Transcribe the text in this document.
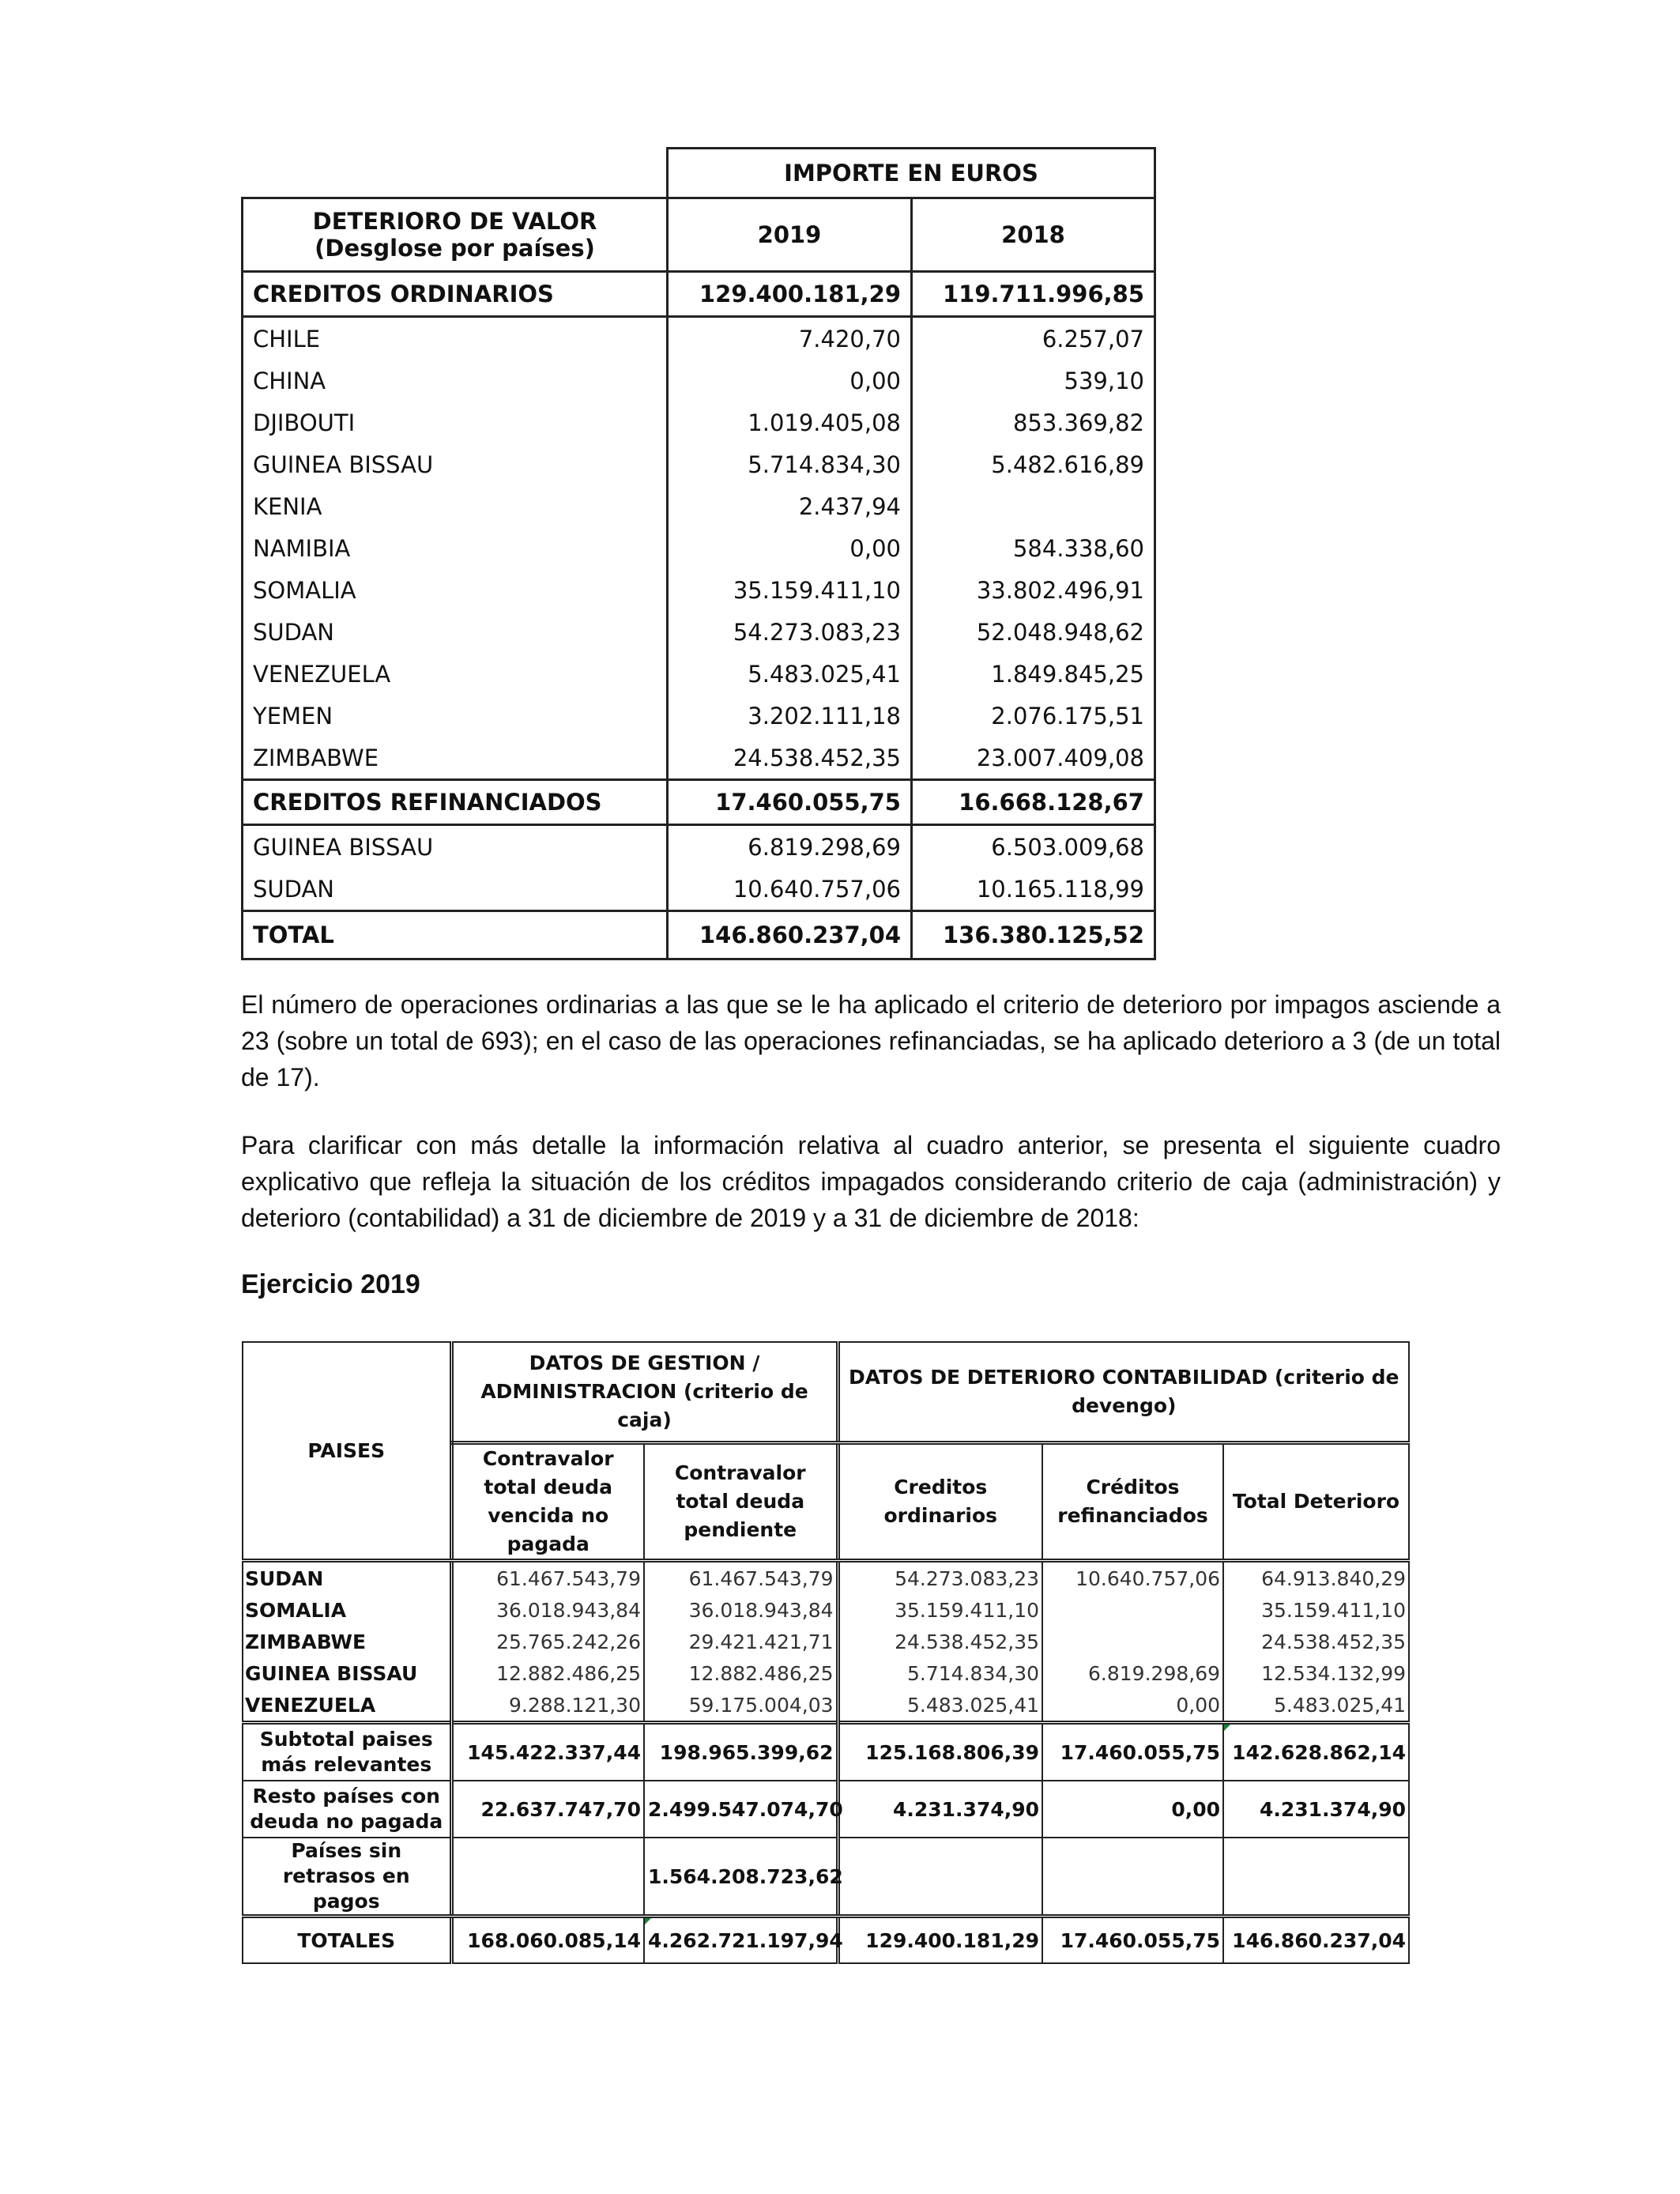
	IMPORTE EN EUROS	
DETERIORO DE VALOR (Desglose por países)	2019	2018
CREDITOS ORDINARIOS	129.400.181,29	119.711.996,85
CHILE	7.420,70	6.257,07
CHINA	0,00	539,10
DJIBOUTI	1.019.405,08	853.369,82
GUINEA BISSAU	5.714.834,30	5.482.616,89
KENIA	2.437,94	
NAMIBIA	0,00	584.338,60
SOMALIA	35.159.411,10	33.802.496,91
SUDAN	54.273.083,23	52.048.948,62
VENEZUELA	5.483.025,41	1.849.845,25
YEMEN	3.202.111,18	2.076.175,51
ZIMBABWE	24.538.452,35	23.007.409,08
CREDITOS REFINANCIADOS	17.460.055,75	16.668.128,67
GUINEA BISSAU	6.819.298,69	6.503.009,68
SUDAN	10.640.757,06	10.165.118,99
TOTAL	146.860.237,04	136.380.125,52

El número de operaciones ordinarias a las que se le ha aplicado el criterio de deterioro por impagos asciende a 23 (sobre un total de 693); en el caso de las operaciones refinanciadas, se ha aplicado deterioro a 3 (de un total de 17).

Para clarificar con más detalle la información relativa al cuadro anterior, se presenta el siguiente cuadro explicativo que refleja la situación de los créditos impagados considerando criterio de caja (administración) y deterioro (contabilidad) a 31 de diciembre de 2019 y a 31 de diciembre de 2018:

Ejercicio 2019
PAISES	DATOS DE GESTION / ADMINISTRACION (criterio de caja)		DATOS DE DETERIORO CONTABILIDAD (criterio de devengo)		
	Contravalor total deuda vencida no pagada	Contravalor total deuda pendiente	Creditos ordinarios	Créditos refinanciados	Total Deterioro
SUDAN	61.467.543,79	61.467.543,79	54.273.083,23	10.640.757,06	64.913.840,29
SOMALIA	36.018.943,84	36.018.943,84	35.159.411,10		35.159.411,10
ZIMBABWE	25.765.242,26	29.421.421,71	24.538.452,35		24.538.452,35
GUINEA BISSAU	12.882.486,25	12.882.486,25	5.714.834,30	6.819.298,69	12.534.132,99
VENEZUELA	9.288.121,30	59.175.004,03	5.483.025,41	0,00	5.483.025,41
Subtotal paises más relevantes	145.422.337,44	198.965.399,62	125.168.806,39	17.460.055,75	142.628.862,14
Resto países con deuda no pagada	22.637.747,70	2.499.547.074,70	4.231.374,90	0,00	4.231.374,90
Países sin retrasos en pagos		1.564.208.723,62			
TOTALES	168.060.085,14	4.262.721.197,94	129.400.181,29	17.460.055,75	146.860.237,04
